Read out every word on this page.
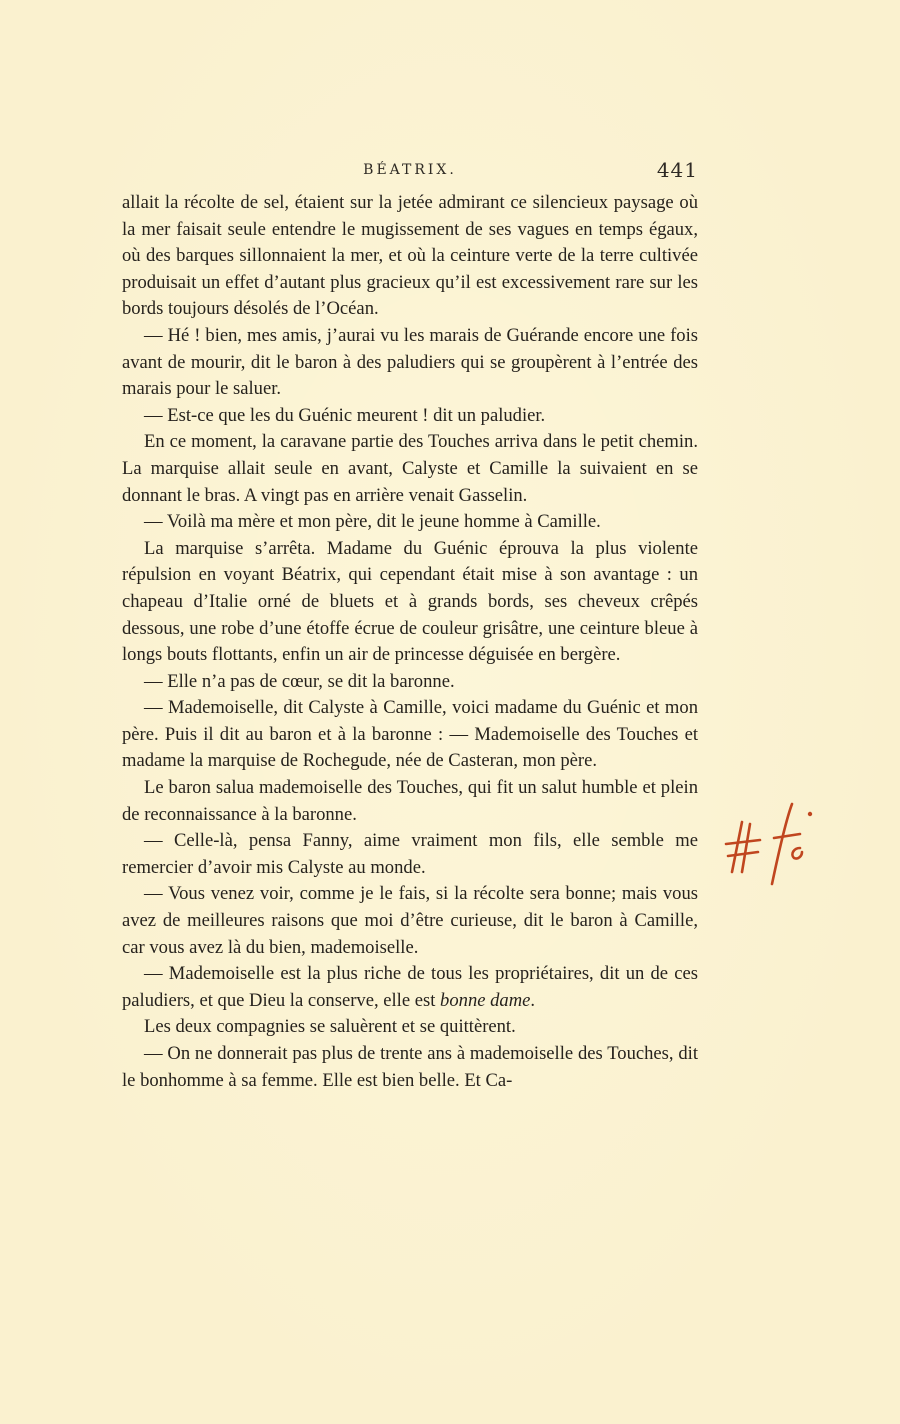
BÉATRIX.	441

allait la récolte de sel, étaient sur la jetée admirant ce silencieux paysage où la mer faisait seule entendre le mugissement de ses vagues en temps égaux, où des barques sillonnaient la mer, et où la ceinture verte de la terre cultivée produisait un effet d’autant plus gracieux qu’il est excessivement rare sur les bords toujours désolés de l’Océan.

— Hé ! bien, mes amis, j’aurai vu les marais de Guérande encore une fois avant de mourir, dit le baron à des paludiers qui se groupèrent à l’entrée des marais pour le saluer.

— Est-ce que les du Guénic meurent ! dit un paludier.

En ce moment, la caravane partie des Touches arriva dans le petit chemin. La marquise allait seule en avant, Calyste et Camille la suivaient en se donnant le bras. A vingt pas en arrière venait Gasselin.

— Voilà ma mère et mon père, dit le jeune homme à Camille.

La marquise s’arrêta. Madame du Guénic éprouva la plus violente répulsion en voyant Béatrix, qui cependant était mise à son avantage : un chapeau d’Italie orné de bluets et à grands bords, ses cheveux crêpés dessous, une robe d’une étoffe écrue de couleur grisâtre, une ceinture bleue à longs bouts flottants, enfin un air de princesse déguisée en bergère.

— Elle n’a pas de cœur, se dit la baronne.

— Mademoiselle, dit Calyste à Camille, voici madame du Guénic et mon père. Puis il dit au baron et à la baronne : — Mademoiselle des Touches et madame la marquise de Rochegude, née de Casteran, mon père.

Le baron salua mademoiselle des Touches, qui fit un salut humble et plein de reconnaissance à la baronne.

— Celle-là, pensa Fanny, aime vraiment mon fils, elle semble me remercier d’avoir mis Calyste au monde.

— Vous venez voir, comme je le fais, si la récolte sera bonne; mais vous avez de meilleures raisons que moi d’être curieuse, dit le baron à Camille, car vous avez là du bien, mademoiselle.

— Mademoiselle est la plus riche de tous les propriétaires, dit un de ces paludiers, et que Dieu la conserve, elle est bonne dame.

Les deux compagnies se saluèrent et se quittèrent.

— On ne donnerait pas plus de trente ans à mademoiselle des Touches, dit le bonhomme à sa femme. Elle est bien belle. Et Ca-
